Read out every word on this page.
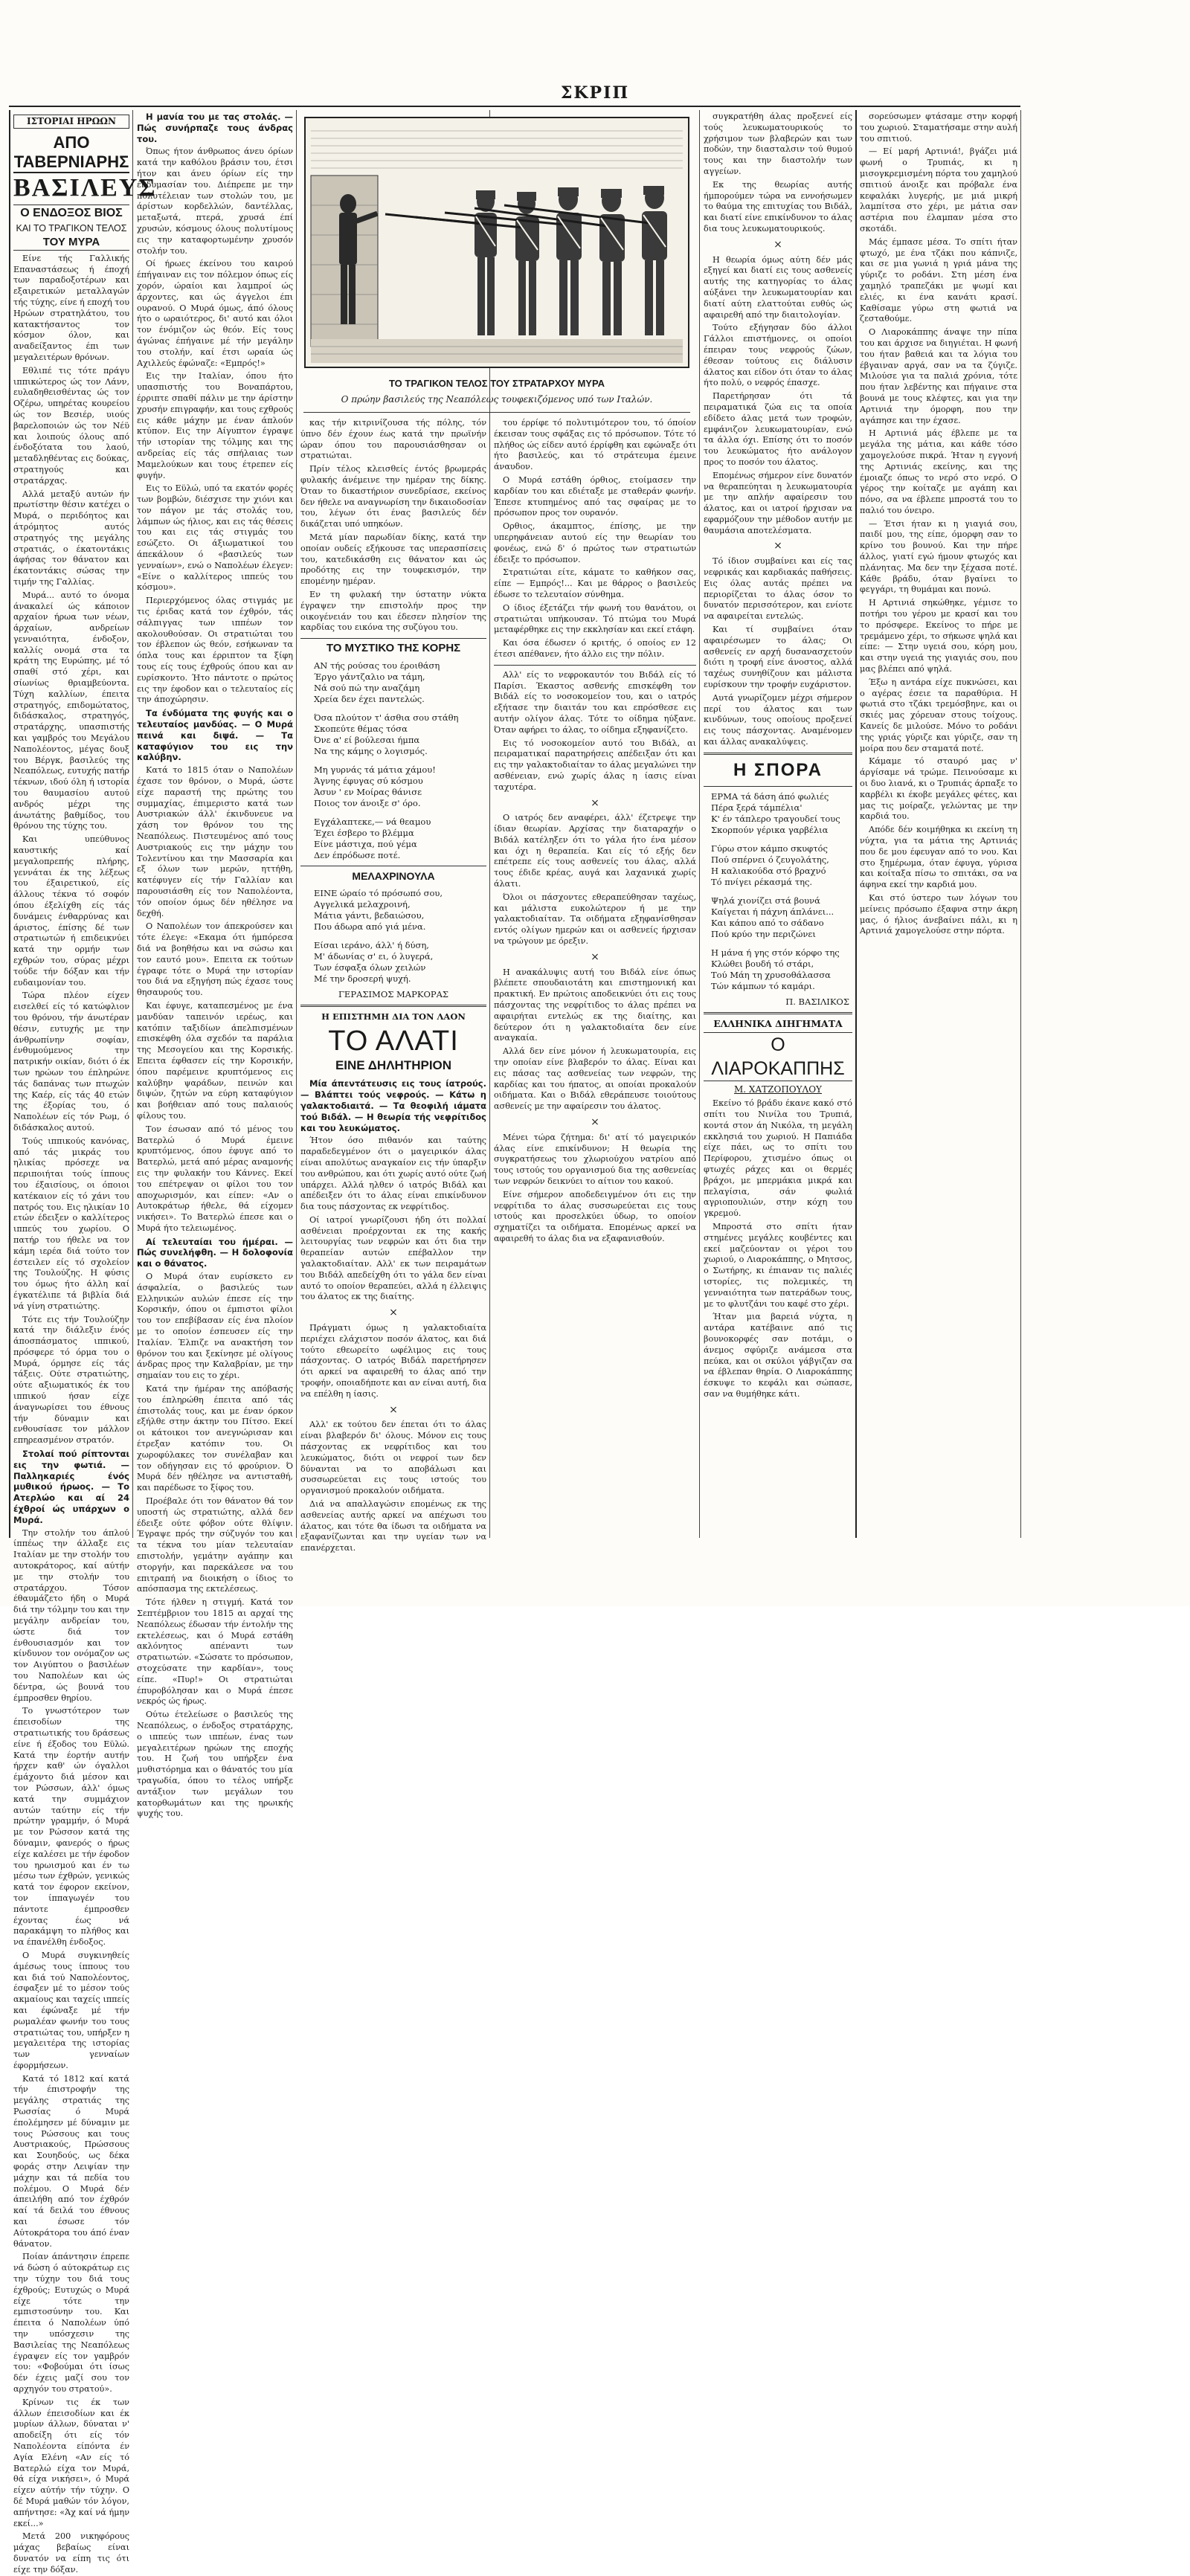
ΣΚΡΙΠ
ΙΣΤΟΡΙΑΙ ΗΡΩΩΝ
ΑΠΟ ΤΑΒΕΡΝΙΑΡΗΣ
ΒΑΣΙΛΕΥΣ
Ο ΕΝΔΟΞΟΣ ΒΙΟΣ
ΚΑΙ ΤΟ ΤΡΑΓΙΚΟΝ ΤΕΛΟΣ
ΤΟΥ ΜΥΡΑ

Είνε τής Γαλλικής Επαναστάσεως ή έποχή των παραδοξοτέρων και εξαιρετικών μεταλλαγών τής τύχης, είνε ή εποχή του Ηρώων στρατηλάτου, του κατακτήσαντος τον κόσμον όλον, και αναδείξαντος έπι των μεγαλειτέρων θρόνων.

Εθλιπέ τις τότε πράγυ ιππικώτερος ώς τον Λάνν, ευλαδηθεισθέντας ώς τον Οζέρω, υπηρέτας κουρείου ώς τον Βεσιέρ, υιούς βαρελοποιών ώς τον Νέϋ και λοιπούς όλους από ένδοξότατα του λαού, μεταδληθέντας εις δούκας, στρατηγούς και στρατάρχας.

Αλλά μεταξύ αυτών ήν πρωτίστην θέσιν κατέχει ο Μυρά, ο περιδόητος και άτρόμητος αυτός στρατηγός της μεγάλης στρατιάς, ο έκατοντάκις άφήσας τον θάνατον και έκατοντάκις σώσας την τιμήν της Γαλλίας.

Μυρά... αυτό το όνομα άνακαλεί ώς κάποιον αρχαίον ήρωα των νέων, άρχαίων, ανδρείων γενναιότητα, ένδοξον, καλλίς ονομά στα τα κράτη της Ευρώπης, μέ τό σπαθί στό χέρι, και σίωνίως θριαμβεύοντα. Τύχη καλλίων, έπειτα στρατηγός, επιδομώτατος, διδάσκαλος, στρατηγός, στρατάρχης, υπασπιστής και γαμβρός του Μεγάλου Ναπολέοντος, μέγας δουξ του Βέργκ, βασιλεύς της Νεαπόλεως, ευτυχής πατήρ τέκνων, ιδού όλη ή ιστορία του θαυμασίου αυτού ανδρός μέχρι της άνωτάτης βαθμίδος, του θρόνου της τύχης του.

Και υπεύθυνος καυστικής καί μεγαλοπρεπής πλήρης, γεννάται έκ της λέξεως του έξαιρετικού, είς άλλους τέκνα τό σοφόν όπου έξελίχθη είς τάς δυνάμεις ένθαρρύνας και άριστος, έπίσης δέ των στρατιωτών ή επιδεικνύει κατά την ορμήν των εχθρών του, σύρας μέχρι τούδε τήν δόξαν και τήν ευδαιμονίαν του.

Τώρα πλέον είχεν εισελθεί είς τό κατώφλιον του θρόνου, τήν άνωτέραν θέσιν, ευτυχής με την άνθρωπίνην σοφίαν, ένθυμούμενος την πατρικήν οικίαν, διότι ό έκ των ηρώων του έπληρώνε τάς δαπάνας των πτωχών της Καέρ, είς τάς 40 ετών της έξορίας του, ό Ναπολέων είς τόν Ρωμ, ό διδάσκαλος αυτού.

Τούς ιππικούς κανόνας, από τάς μικράς του ηλικίας πρόσεχε να περιποιήται τούς ίππους του έξαισίους, οι όποιοι κατέκαιον είς τό χάνι του πατρός του. Εις ηλικίαν 10 ετών έδειξεν ο καλλίτερος ιππεύς του χωρίου. Ο πατήρ του ήθελε να τον κάμη ιερέα διά τούτο τον έστειλεν είς τό σχολείον της Τουλούζης. Η φύσις του όμως ήτο άλλη καί έγκατέλιπε τά βιβλία διά νά γίνη στρατιώτης.

Τότε εις τήν Τουλούζην κατά την διάλεξιν ένός άποσπάσματος ιππικού, πρόσφερε τό όρμα του ο Μυρά, όρμησε είς τάς τάξεις. Ούτε στρατιώτης, ούτε αξιωματικός έκ του ιππικού ήσαν είχε άναγνωρίσει του έθνους τήν δύναμιν και ενθουσίασε τον μάλλον επηρεασμένον στρατόν.

Στολαί πού ρίπτονται εις την φωτιά. — Παλληκαριές ένός μυθικού ήρωος. — Το Ατερλώο και αί 24 έχθροί ώς υπάρχων ο Μυρά.

Την στολήν του άπλού ίππέως την άλλαξε εις Ιταλίαν με την στολήν του αυτοκράτορος, καί αύτήν με την στολήν του στρατάρχου. Τόσον έθαυμάζετο ήδη ο Μυρά διά την τόλμην του και την μεγάλην ανδρείαν του, ώστε διά τον ένθουσιασμόν και τον κίνδυνον τον ονόμαζον ως τον Αιγύπτου ο βασιλέων του Ναπολέων και ώς δέντρα, ώς βουνά του έμπροσθεν θηρίου.

Το γνωστότερον των έπεισοδίων της στρατιωτικής του δράσεως είνε ή έξοδος του Εϋλώ. Κατά την έορτήν αυτήν ήρχεν καθ' ών όγαλλοι έμάχοντο διά μέσον και τον Ρώσσων, άλλ' όμως κατά την συμμάχιον αυτών ταύτην είς τήν πρώτην γραμμήν, ό Μυρά με τον Ρώσσον κατά της δύναμιν, φανερός ο ήρως είχε καλέσει με τήν έφοδον του ηρωισμού και έν τω μέσω των έχθρών, γενικώς κατά τον έφορον εκείνον, τον ίππαγωγέν του πάντοτε έμπροσθεν έχοντας έως νά παρακάμψη το πλήθος και να έπανέλθη ένδοξος.

Ο Μυρά συγκινηθείς άμέσως τους ίππους του και διά τού Ναπολέοντος, έσφαξεν μέ το μέσον τούς ακμαίους και ταχείς ιππείς και έφώναξε μέ τήν ρωμαλέαν φωνήν του τους στρατιώτας του, υπήρξεν η μεγαλειτέρα της ιστορίας των γενναίων έφορμήσεων.

Κατά τό 1812 καί κατά τήν έπιστροφήν της μεγάλης στρατιάς της Ρωσσίας ό Μυρά έπολέμησεν μέ δύναμιν με τους Ρώσσους και τους Αυστριακούς, Πρώσσους και Σουηδούς, ως δέκα φοράς στην Λειψίαν την μάχην και τά πεδία του πολέμου. Ο Μυρά δέν άπειλήθη από τον έχθρόν καί τά δειλά του έθνους και έσωσε τόν Αύτοκράτορα του άπό έναν θάνατον.

Ποίαν άπάντησιν έπρεπε νά δώση ό αύτοκράτωρ εις την τύχην του διά τους έχθρούς; Ευτυχώς ο Μυρά είχε τότε την εμπιστοσύνην του. Και έπειτα ό Ναπολέων ύπό την υπόσχεσιν της Βασιλείας της Νεαπόλεως έγραψεν είς τον γαμβρόν του: «Φοβούμαι ότι ίσως δέν έχεις μαζί σου τον αρχηγόν του στρατού».

Κρίνων τις έκ των άλλων έπεισοδίων και έκ μυρίων άλλων, δύναται ν' αποδείξη ότι είς τόν Ναπολέοντα είπόντα έν Αγία Ελένη «Αν είς τό Βατερλώ είχα τον Μυρά, θά είχα νικήσει», ό Μυρά είχεν αύτήν τήν τύχην. Ο δέ Μυρά μαθών τόν λόγον, απήντησε: «Άχ καί νά ήμην εκεί...»

Μετά 200 νικηφόρους μάχας βεβαίως είναι δυνατόν να είπη τις ότι είχε την δόξαν.

Η μανία του με τας στολάς. — Πώς συνήρπαζε τους άνδρας του.

Όπως ήτον άνθρωπος άνευ όρίων κατά την καθόλου βράσιν του, έτσι ήτον και άνευ όρίων είς την ένδυμασίαν του. Διέπρεπε με την πολυτέλειαν των στολών του, με άρίστων κορδελλών, δαντέλλας, μεταξωτά, πτερά, χρυσά έπί χρυσών, κόσμους όλους πολυτίμους εις την καταφορτωμένην χρυσόν στολήν του.

Οί ήρωες έκείνου του καιρού έπήγαιναν εις τον πόλεμον όπως είς χορόν, ώραίοι και λαμπροί ώς άρχοντες, και ώς άγγελοι έπι ουρανού. Ο Μυρά όμως, άπό όλους ήτο ο ωραιότερος, δι' αυτό και όλοι τον ένόμιζον ώς θεόν. Είς τους άγώνας έπήγαινε μέ τήν μεγάλην του στολήν, καί έτσι ωραία ώς Αχιλλεύς έφώναζε: «Εμπρός!»

Εις την Ιταλίαν, όπου ήτο υπασπιστής του Βοναπάρτου, έρριπτε σπαθί πάλιν με την άρίστην χρυσήν επιγραφήν, και τους εχθρούς εις κάθε μάχην με έναν άπλούν κτύπον. Εις την Αίγυπτον έγραψε τήν ιστορίαν της τόλμης και της ανδρείας είς τάς σπήλαιας των Μαμελούκων και τους έτρεπεν είς φυγήν.

Εις το Εϋλώ, υπό τα εκατόν φορές των βομβών, διέσχισε την χιόνι και τον πάγον με τάς στολάς του, λάμπων ώς ήλιος, και εις τάς θέσεις του και εις τάς στιγμάς του εσώζετο. Οι άξιωματικοί του άπεκάλουν ό «βασιλεύς των γενναίων», ενώ ο Ναπολέων έλεγεν: «Είνε ο καλλίτερος ιππεύς του κόσμου».

Περιερχόμενος όλας στιγμάς με τις έριδας κατά τον έχθρόν, τάς σάλπιγγας των ιππέων τον ακολουθούσαν. Οι στρατιώται του τον έβλεπον ώς θεόν, εσήκωναν τα όπλα τους και έρριπτον τα ξίφη τους είς τους έχθρούς όπου και αν ευρίσκοντο. Ήτο πάντοτε ο πρώτος εις την έφοδον και ο τελευταίος είς την άποχώρησιν.

Τα ένδύματα της φυγής και ο τελευταίος μανδύας. — Ο Μυρά πεινά και διψά. — Τα καταφύγιον του εις την καλύβην.

Κατά το 1815 όταν ο Ναπολέων έχασε τον θρόνον, ο Μυρά, ώστε είχε παραστή της πρώτης του συμμαχίας, έπιμεριστο κατά των Αυστριακών άλλ' έκινδυνευε να χάση τον θρόνον του της Νεαπόλεως. Πιστευμένος από τους Αυστριακούς εις την μάχην του Τολεντίνου και την Μασσαρία και εξ όλων των μερών, ηττήθη, κατέφυγεν είς τήν Γαλλίαν και παρουσιάσθη είς τον Ναπολέοντα, τόν οποίον όμως δέν ηθέλησε να δεχθή.

Ο Ναπολέων τον άπεκρούσεν και τότε έλεγε: «Εκαμα ότι ήμπόρεσα διά να βοηθήσω και να σώσω και τον εαυτό μου». Επειτα εκ τούτων έγραφε τότε ο Μυρά την ιστορίαν του διά να εξηγήση πώς έχασε τους θησαυρούς του.

Και έφυγε, καταπεσμένος με ένα μανδύαν ταπεινόν ιερέως, και κατόπιν ταξιδίων άπελπισμένων επισκέφθη όλα σχεδόν τα παράλια της Μεσογείου και της Κορσικής. Επειτα έφθασεν είς την Κορσικήν, όπου παρέμεινε κρυπτόμενος εις καλύβην ψαράδων, πεινών και διψών, ζητών να εύρη καταφύγιον και βοήθειαν από τους παλαιούς φίλους του.

Τον έσωσαν από τό μένος του Βατερλώ ό Μυρά έμεινε κρυπτόμενος, όπου έφυγε από το Βατερλώ, μετά από μέρας αναμονής εις την φυλακήν του Κάννες. Εκεί του επέτρεψαν οι φίλοι του τον αποχωρισμόν, και είπεν: «Αν ο Αυτοκράτωρ ήθελε, θά είχομεν νικήσει». Το Βατερλώ έπεσε και ο Μυρά ήτο τελειωμένος.

Αί τελευταίαι του ήμέραι. — Πώς συνελήφθη. — Η δολοφονία και ο θάνατος.

Ο Μυρά όταν ευρίσκετο εν άσφαλεία, ο βασιλεύς των Ελληνικών αυλών έπεσε είς την Κορσικήν, όπου οι έμπιστοι φίλοι του τον επεβίβασαν είς ένα πλοίον με το οποίον έσπευσεν είς την Ιταλίαν. Έλπιζε να ανακτήση τον θρόνον του και ξεκίνησε μέ ολίγους άνδρας προς την Καλαβρίαν, με την σημαίαν του εις το χέρι.

Κατά την ήμέραν της απόβασής του έπληρώθη έπειτα από τάς έπιστολάς τους, και με έναν όρκον εξήλθε στην άκτην του Πίτσο. Εκεί οι κάτοικοι τον ανεγνώρισαν και έτρεξαν κατόπιν του. Οι χωροφύλακες τον συνέλαβαν και τον οδήγησαν εις τό φρούριον. Ό Μυρά δέν ηθέλησε να αντισταθή, και παρέδωσε το ξίφος του.

Προέβαλε ότι τον θάνατον θά τον υποστή ώς στρατιώτης, αλλά δεν έδειξε ούτε φόβον ούτε θλίψιν. Έγραψε πρός την σύζυγόν του και τα τέκνα του μίαν τελευταίαν επιστολήν, γεμάτην αγάπην και στοργήν, και παρεκάλεσε να του επιτραπή να διοικήση ο ίδιος το απόσπασμα της εκτελέσεως.

Τότε ήλθεν η στιγμή. Κατά τον Σεπτέμβριον του 1815 αι αρχαί της Νεαπόλεως έδωσαν τήν έντολήν της εκτελέσεως, και ό Μυρά εστάθη ακλόνητος απέναντι των στρατιωτών. «Σώσατε το πρόσωπον, στοχεύσατε την καρδίαν», τους είπε. «Πυρ!» Οι στρατιώται έπυροβόλησαν και ο Μυρά έπεσε νεκρός ώς ήρως.

Ούτω έτελείωσε ο βασιλεύς της Νεαπόλεως, ο ένδοξος στρατάρχης, ο ιππεύς των ιππέων, ένας των μεγαλειτέρων ηρώων της εποχής του. Η ζωή του υπήρξεν ένα μυθιστόρημα και ο θάνατός του μία τραγωδία, όπου το τέλος υπήρξε αντάξιον των μεγάλων του κατορθωμάτων και της ηρωικής ψυχής του.

ΤΟ ΤΡΑΓΙΚΟΝ ΤΕΛΟΣ ΤΟΥ ΣΤΡΑΤΑΡΧΟΥ ΜΥΡΑ
Ο πρώην βασιλεύς της Νεαπόλεως τουφεκιζόμενος υπό των Ιταλών.

κας τήν κιτρινίζουσα τής πόλης, τόν ύπνο δέν έχουν έως κατά την πρωϊνήν ώραν όπου του παρουσιάσθησαν οι στρατιώται.

Πρίν τέλος κλεισθείς έντός βρωμεράς φυλακής άνέμεινε την ημέραν της δίκης. Όταν το δικαστήριον συνεδρίασε, εκείνος δεν ήθελε να αναγνωρίση την δικαιοδοσίαν του, λέγων ότι ένας βασιλεύς δέν δικάζεται υπό υπηκόων.

Μετά μίαν παρωδίαν δίκης, κατά την οποίαν ουδείς εξήκουσε τας υπερασπίσεις του, κατεδικάσθη εις θάνατον και ώς προδότης εις την τουφεκισμόν, την επομένην ημέραν.

Εν τη φυλακή την ύστατην νύκτα έγραψεν την επιστολήν προς την οικογένειάν του και έδεσεν πλησίον της καρδίας του εικόνα της συζύγου του.

ΤΟ ΜΥΣΤΙΚΟ ΤΗΣ ΚΟΡΗΣ

ΑΝ τής ρούσας του έροιθάση

Έργο γάντζαλιο να τάμη,

Νά σού πώ την αναζάμη

Χρεία δεν έχει παντελώς.

Όσα πλούτον τ' άσθια σου στάθη

Σκοπεύτε θέμας τόσα

Όνε α' εί βούλεσαι ήμπα

Να της κάμης ο λογισμός.

Μη γυρνάς τά μάτια χάμου!

Άγνης έφυγας σύ κόσμου

Άσυν ' εν Μοίρας θάνισε

Ποιος τον άνοιξε σ' όρο.

Εγχάλαπτεκε,— νά θεαμου

Έχει έσβερο το βλέμμα

Είνε μάστιχα, πού γέμα

Δεν έπρόδωσε ποτέ.

ΜΕΛΑΧΡΙΝΟΥΛΑ

ΕΙΝΕ ώραίο τό πρόσωπό σου,

Αγγελικά μελαχροινή,

Μάτια γάντι, βεδαιώσου,

Που άδωρα από γιά μένα.

Είσαι ιεράνο, άλλ' ή δύση,

Μ' άδωνίας σ' ει, ό λυγερά,

Των έσφαξα όλων χειλών

Μέ την δροσερή ψυχή.

ΓΕΡΑΣΙΜΟΣ ΜΑΡΚΟΡΑΣ
Η ΕΠΙΣΤΗΜΗ ΔΙΑ ΤΟΝ ΛΑΟΝ
ΤΟ ΑΛΑΤΙ
ΕΙΝΕ ΔΗΛΗΤΗΡΙΟΝ

Μία άπεντάτευσις εις τους ίατρούς. — Βλάπτει τούς νεφρούς. — Κάτω η γαλακτοδιαιτά. — Τα θεοφιλή ιάματα τού Βιδάλ. — Η θεωρία τής νεφρίτιδος και του λευκώματος.

Ήτον όσο πιθανόν και ταύτης παραδεδεγμένον ότι ο μαγειρικόν άλας είναι απολύτως αναγκαίον εις τήν ύπαρξιν του ανθρώπου, και ότι χωρίς αυτό ούτε ζωή υπάρχει. Αλλά ηλθεν ό ιατρός Βιδάλ και απέδειξεν ότι το άλας είναι επικίνδυνον δια τους πάσχοντας εκ νεφρίτιδος.

Οί ιατροί γνωρίζουσι ήδη ότι πολλαί ασθένειαι προέρχονται εκ της κακής λειτουργίας των νεφρών και ότι δια την θεραπείαν αυτών επέβαλλον την γαλακτοδιαίταν. Αλλ' εκ των πειραμάτων του Βιδάλ απεδείχθη ότι το γάλα δεν είναι αυτό το οποίον θεραπεύει, αλλά η έλλειψις του άλατος εκ της διαίτης.

×

Πράγματι όμως η γαλακτοδιαίτα περιέχει ελάχιστον ποσόν άλατος, και διά τούτο εθεωρείτο ωφέλιμος εις τους πάσχοντας. Ο ιατρός Βιδάλ παρετήρησεν ότι αρκεί να αφαιρεθή το άλας από την τροφήν, οποιαδήποτε και αν είναι αυτή, δια να επέλθη η ίασις.

×

Αλλ' εκ τούτου δεν έπεται ότι το άλας είναι βλαβερόν δι' όλους. Μόνον εις τους πάσχοντας εκ νεφρίτιδος και του λευκώματος, διότι οι νεφροί των δεν δύνανται να το αποβάλωσι και συσσωρεύεται εις τους ιστούς του οργανισμού προκαλούν οιδήματα.

Διά να απαλλαγώσιν επομένως εκ της ασθενείας αυτής αρκεί να απέχωσι του άλατος, και τότε θα ίδωσι τα οιδήματα να εξαφανίζωνται και την υγείαν των να επανέρχεται.

του έρρίφε τό πολυτιμότερον του, τό όποίον έκεισαν τους σφάξας εις τό πρόσωπον. Τότε τό πλήθος ώς είδεν αυτό έρρίφθη και εφώναξε ότι ήτο βασιλεύς, και τό στράτευμα έμεινε άναυδον.

Ο Μυρά εστάθη όρθιος, ετοίμασεν την καρδίαν του και εδιέταξε με σταθεράν φωνήν. Έπεσε κτυπημένος από τας σφαίρας με το πρόσωπον προς τον ουρανόν.

Ορθιος, άκαμπτος, έπίσης, με την υπερηφάνειαν αυτού είς την θεωρίαν του φονέως, ενώ δ' ό πρώτος των στρατιωτών έδειξε το πρόσωπον.

Στρατιώται είτε, κάματε το καθήκον σας, είπε — Εμπρός!... Και με θάρρος ο βασιλεύς έδωσε το τελευταίον σύνθημα.

Ο ίδιος έξετάζει τήν φωνή του θανάτου, οι στρατιώται υπήκουσαν. Τό πτώμα του Μυρά μεταφέρθηκε εις την εκκλησίαν και εκεί ετάφη.

Και όσα έδωσεν ό κριτής, ό οποίος εν 12 έτεσι απέθανεν, ήτο άλλο εις την πόλιν.

Αλλ' είς το νεφροκαυτόν του Βιδάλ είς τό Παρίσι. Έκαστος ασθενής επισκέφθη τον Βιδάλ είς το νοσοκομείον του, και ο ιατρός εξήτασε την διαιτάν του και επρόσθεσε εις αυτήν ολίγον άλας. Τότε το οίδημα ηύξανε. Όταν αφήρει το άλας, το οίδημα εξηφανίζετο.

Εις τό νοσοκομείον αυτό του Βιδάλ, αι πειραματικαί παρατηρήσεις απέδειξαν ότι και εις την γαλακτοδιαίταν το άλας μεγαλώνει την ασθένειαν, ενώ χωρίς άλας η ίασις είναι ταχυτέρα.

×

Ο ιατρός δεν αναφέρει, άλλ' έζετρεψε την ίδιαν θεωρίαν. Αρχίσας την διαταραχήν ο Βιδάλ κατέληξεν ότι το γάλα ήτο ένα μέσον και όχι η θεραπεία. Και είς τό εξής δεν επέτρεπε είς τους ασθενείς του άλας, αλλά τους έδιδε κρέας, αυγά και λαχανικά χωρίς άλατι.

Όλοι οι πάσχοντες εθεραπεύθησαν ταχέως, και μάλιστα ευκολώτερον ή με την γαλακτοδιαίταν. Τα οιδήματα εξηφανίσθησαν εντός ολίγων ημερών και οι ασθενείς ήρχισαν να τρώγουν με όρεξιν.

×

Η ανακάλυψις αυτή του Βιδάλ είνε όπως βλέπετε σπουδαιοτάτη και επιστημονική και πρακτική. Εν πρώτοις αποδεικνύει ότι εις τους πάσχοντας της νεφρίτιδος το άλας πρέπει να αφαιρήται εντελώς εκ της διαίτης, και δεύτερον ότι η γαλακτοδιαίτα δεν είνε αναγκαία.

Αλλά δεν είνε μόνον ή λευκωματουρία, εις την οποίαν είνε βλαβερόν το άλας. Είναι και εις πάσας τας ασθενείας των νεφρών, της καρδίας και του ήπατος, αι οποίαι προκαλούν οιδήματα. Και ο Βιδάλ εθεράπευσε τοιούτους ασθενείς με την αφαίρεσιν του άλατος.

×

Μένει τώρα ζήτημα: δι' ατί τό μαγειρικόν άλας είνε επικίνδυνον; Η θεωρία της συγκρατήσεως του χλωριούχου νατρίου από τους ιστούς του οργανισμού δια της ασθενείας των νεφρών δεικνύει το αίτιον του κακού.

Είνε σήμερον αποδεδειγμένον ότι εις την νεφρίτιδα το άλας συσσωρεύεται εις τους ιστούς και προσελκύει ύδωρ, το οποίον σχηματίζει τα οιδήματα. Επομένως αρκεί να αφαιρεθή το άλας δια να εξαφανισθούν.

συγκρατήθη άλας προξενεί είς τούς λευκωματουρικούς το χρήσιμον των βλαβερών και των ποδών, την διασταλσιν τού θυμού τους και την διαστολήν των αγγείων.

Εκ της θεωρίας αυτής ήμπορούμεν τώρα να εννοήσωμεν το θαύμα της επιτυχίας του Βιδάλ, και διατί είνε επικίνδυνον το άλας δια τους λευκωματουρικούς.

×

Η θεωρία όμως αύτη δέν μάς εξηγεί και διατί εις τους ασθενείς αυτής της κατηγορίας το άλας αύξάνει την λευκωματουρίαν και διατί αύτη ελαττούται ευθύς ώς αφαιρεθή από την διαιτολογίαν.

Τούτο εξήγησαν δύο άλλοι Γάλλοι επιστήμονες, οι οποίοι έπειραν τους νεφρούς ζώων, έθεσαν τούτους εις διάλυσιν άλατος και είδον ότι όταν το άλας ήτο πολύ, ο νεφρός έπασχε.

Παρετήρησαν ότι τά πειραματικά ζώα εις τα οποία εδίδετο άλας μετά των τροφών, εμφάνιζον λευκωματουρίαν, ενώ τα άλλα όχι. Επίσης ότι το ποσόν του λευκώματος ήτο ανάλογον προς το ποσόν του άλατος.

Επομένως σήμερον είνε δυνατόν να θεραπεύηται η λευκωματουρία με την απλήν αφαίρεσιν του άλατος, και οι ιατροί ήρχισαν να εφαρμόζουν την μέθοδον αυτήν με θαυμάσια αποτελέσματα.

×

Τό ίδιον συμβαίνει και είς τας νεφρικάς και καρδιακάς παθήσεις. Εις όλας αυτάς πρέπει να περιορίζεται το άλας όσον το δυνατόν περισσότερον, και ενίοτε να αφαιρείται εντελώς.

Και τί συμβαίνει όταν αφαιρέσωμεν το άλας; Οι ασθενείς εν αρχή δυσανασχετούν διότι η τροφή είνε άνοστος, αλλά ταχέως συνηθίζουν και μάλιστα ευρίσκουν την τροφήν ευχάριστον.

Αυτά γνωρίζομεν μέχρι σήμερον περί του άλατος και των κινδύνων, τους οποίους προξενεί εις τους πάσχοντας. Αναμένομεν και άλλας ανακαλύψεις.

Η ΣΠΟΡΑ

ΕΡΜΑ τά δάση άπό φωλιές

Πέρα ξερά τάμπέλια'

Κ' έν τάπλερο τραγουδεί τους

Σκορπούν γέρικα γαρβέλια

Γύρω στον κάμπο σκυφτός

Πού σπέρνει ό ζευγολάτης,

Η καλιακούδα στό βραχνό

Τό πνίγει ρέκασμά της.

Ψηλά χιονίζει στά βουνά

Καίγεται ή πάχνη άπλάνει...

Και κάπου από το σάδανο

Πού κρύο την περιζώνει

Η μάνα ή γης στόν κόρφο της

Κλώθει βουδή τό στάρι,

Τού Μάη τη χρυσοθάλασσα

Τών κάμπων τό καμάρι.

Π. ΒΑΣΙΛΙΚΟΣ
ΕΛΛΗΝΙΚΑ ΔΙΗΓΗΜΑΤΑ
Ο ΛΙΑΡΟΚΑΠΠΗΣ
Μ. ΧΑΤΖΟΠΟΥΛΟΥ

Εκείνο τό βράδυ έκανε κακό στό σπίτι του Νινίλα του Τρυπιά, κοντά στον άη Νικόλα, τη μεγάλη εκκλησιά του χωριού. Η Παπιάδα είχε πάει, ως το σπίτι του Περίφορου, χτισμένο όπως οι φτωχές ράχες και οι θερμές βράχοι, με μπερμάκια μικρά και πελαγίσια, σάν φωλιά αγριοπουλιών, στην κόχη του γκρεμού.

Μπροστά στο σπίτι ήταν στημένες μεγάλες κουβέντες και εκεί μαζεύονταν οι γέροι του χωριού, ο Λιαροκάππης, ο Μητσος, ο Σωτήρης, κι έπιαναν τις παλιές ιστορίες, τις πολεμικές, τη γενναιότητα των πατεράδων τους, με το φλυτζάνι του καφέ στο χέρι.

Ήταν μια βαρειά νύχτα, η αντάρα κατέβαινε από τις βουνοκορφές σαν ποτάμι, ο άνεμος σφύριζε ανάμεσα στα πεύκα, και οι σκύλοι γάβγιζαν σα να έβλεπαν θηρία. Ο Λιαροκάππης έσκυψε το κεφάλι και σώπασε, σαν να θυμήθηκε κάτι.

σορεύσωμεν φτάσαμε στην κορφή του χωριού. Σταματήσαμε στην αυλή του σπιτιού.

— Εί μαρή Αρτινιά!, βγάζει μιά φωνή ο Τρυπιάς, κι η μισογκρεμισμένη πόρτα του χαμηλού σπιτιού άνοιξε και πρόβαλε ένα κεφαλάκι λυγερής, με μιά μικρή λαμπίτσα στο χέρι, με μάτια σαν αστέρια που έλαμπαν μέσα στο σκοτάδι.

Μάς έμπασε μέσα. Το σπίτι ήταν φτωχό, με ένα τζάκι που κάπνιζε, και σε μια γωνιά η γριά μάνα της γύριζε το ροδάνι. Στη μέση ένα χαμηλό τραπεζάκι με ψωμί και ελιές, κι ένα κανάτι κρασί. Καθίσαμε γύρω στη φωτιά να ζεσταθούμε.

Ο Λιαροκάππης άναψε την πίπα του και άρχισε να διηγιέται. Η φωνή του ήταν βαθειά και τα λόγια του έβγαιναν αργά, σαν να τα ζύγιζε. Μιλούσε για τα παλιά χρόνια, τότε που ήταν λεβέντης και πήγαινε στα βουνά με τους κλέφτες, και για την Αρτινιά την όμορφη, που την αγάπησε και την έχασε.

Η Αρτινιά μάς έβλεπε με τα μεγάλα της μάτια, και κάθε τόσο χαμογελούσε πικρά. Ήταν η εγγονή της Αρτινιάς εκείνης, και της έμοιαζε όπως το νερό στο νερό. Ο γέρος την κοίταζε με αγάπη και πόνο, σα να έβλεπε μπροστά του το παλιό του όνειρο.

— Έτσι ήταν κι η γιαγιά σου, παιδί μου, της είπε, όμορφη σαν το κρίνο του βουνού. Και την πήρε άλλος, γιατί εγώ ήμουν φτωχός και πλάνητας. Μα δεν την ξέχασα ποτέ. Κάθε βράδυ, όταν βγαίνει το φεγγάρι, τη θυμάμαι και πονώ.

Η Αρτινιά σηκώθηκε, γέμισε το ποτήρι του γέρου με κρασί και του το πρόσφερε. Εκείνος το πήρε με τρεμάμενο χέρι, το σήκωσε ψηλά και είπε: — Στην υγειά σου, κόρη μου, και στην υγειά της γιαγιάς σου, που μας βλέπει από ψηλά.

Έξω η αντάρα είχε πυκνώσει, και ο αγέρας έσειε τα παραθύρια. Η φωτιά στο τζάκι τρεμόσβηνε, και οι σκιές μας χόρευαν στους τοίχους. Κανείς δε μιλούσε. Μόνο το ροδάνι της γριάς γύριζε και γύριζε, σαν τη μοίρα που δεν σταματά ποτέ.

Κάμαμε τό σταυρό μας ν' άργίσαμε νά τρώμε. Πεινούσαμε κι οι δυο λιανά, κι ο Τρυπιάς άρπαξε το καρβέλι κι έκοβε μεγάλες φέτες, και μας τις μοίραζε, γελώντας με την καρδιά του.

Απόδε δέν κοιμήθηκα κι εκείνη τη νύχτα, για τα μάτια της Αρτινιάς που δε μου έφευγαν από το νου. Και στο ξημέρωμα, όταν έφυγα, γύρισα και κοίταξα πίσω το σπιτάκι, σα να άφηνα εκεί την καρδιά μου.

Και στό ύστερο των λόγων του μείνεις πρόσωπο έξαφνα στην άκρη μας, ό ήλιος άνεβαίνει πάλι, κι η Αρτινιά χαμογελούσε στην πόρτα.
